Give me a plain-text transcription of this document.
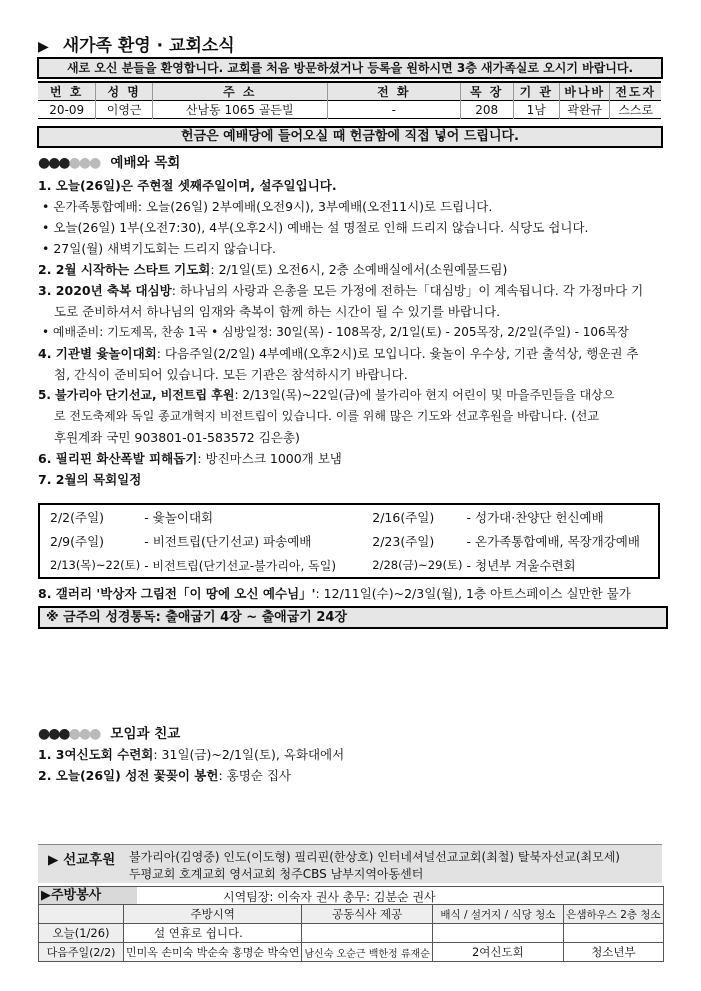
▶ 새가족 환영 · 교회소식
새로 오신 분들을 환영합니다. 교회를 처음 방문하셨거나 등록을 원하시면 3층 새가족실로 오시기 바랍니다.
번 호	성 명	주 소	전 화	목 장	기 관	바나바	전도자
20-09	이영근	산남동 1065 골든빌	-	208	1남	곽완규	스스로
헌금은 예배당에 들어오실 때 헌금함에 직접 넣어 드립니다.
●●●●●● 예배와 목회
1. 오늘(26일)은 주현절 셋째주일이며, 설주일입니다.
• 온가족통합예배: 오늘(26일) 2부예배(오전9시), 3부예배(오전11시)로 드립니다.
• 오늘(26일) 1부(오전7:30), 4부(오후2시) 예배는 설 명절로 인해 드리지 않습니다. 식당도 쉽니다.
• 27일(월) 새벽기도회는 드리지 않습니다.
2. 2월 시작하는 스타트 기도회: 2/1일(토) 오전6시, 2층 소예배실에서(소원예물드림)
3. 2020년 축복 대심방: 하나님의 사랑과 은총을 모든 가정에 전하는「대심방」이 계속됩니다. 각 가정마다 기
도로 준비하셔서 하나님의 임재와 축복이 함께 하는 시간이 될 수 있기를 바랍니다.
• 예배준비: 기도제목, 찬송 1곡 • 심방일정: 30일(목) - 108목장, 2/1일(토) - 205목장, 2/2일(주일) - 106목장
4. 기관별 윷놀이대회: 다음주일(2/2일) 4부예배(오후2시)로 모입니다. 윷놀이 우수상, 기관 출석상, 행운권 추
첨, 간식이 준비되어 있습니다. 모든 기관은 참석하시기 바랍니다.
5. 불가리아 단기선교, 비전트립 후원: 2/13일(목)~22일(금)에 불가리아 현지 어린이 및 마을주민들을 대상으
로 전도축제와 독일 종교개혁지 비전트립이 있습니다. 이를 위해 많은 기도와 선교후원을 바랍니다. (선교
후원계좌 국민 903801-01-583572 김은총)
6. 필리핀 화산폭발 피해돕기: 방진마스크 1000개 보냄
7. 2월의 목회일정
2/2(주일)	- 윷놀이대회	2/16(주일)	- 성가대·찬양단 헌신예배
2/9(주일)	- 비전트립(단기선교) 파송예배	2/23(주일)	- 온가족통합예배, 목장개강예배
2/13(목)~22(토)	- 비전트립(단기선교-불가리아, 독일)	2/28(금)~29(토)	- 청년부 겨울수련회
8. 갤러리 '박상자 그림전「이 땅에 오신 예수님」': 12/11일(수)~2/3일(월), 1층 아트스페이스 실만한 물가
※ 금주의 성경통독: 출애굽기 4장 ~ 출애굽기 24장
●●●●●● 모임과 친교
1. 3여신도회 수련회: 31일(금)~2/1일(토), 옥화대에서
2. 오늘(26일) 성전 꽃꽂이 봉헌: 홍명순 집사
▶ 선교후원 불가리아(김영중) 인도(이도형) 필리핀(한상호) 인터네셔널선교교회(최철) 탈북자선교(최모세)
두평교회 호계교회 영서교회 청주CBS 남부지역아동센터
▶주방봉사	시역팀장: 이숙자 권사 총무: 김분순 권사
	주방시역	공동식사 제공	배식 / 설거지 / 식당 청소	은샘하우스 2층 청소
오늘(1/26)	설 연휴로 쉽니다.			
다음주일(2/2)	민미옥 손미숙 박순숙 홍명순 박숙연	남신숙 오순근 백한정 류재순	2여신도회	청소년부
